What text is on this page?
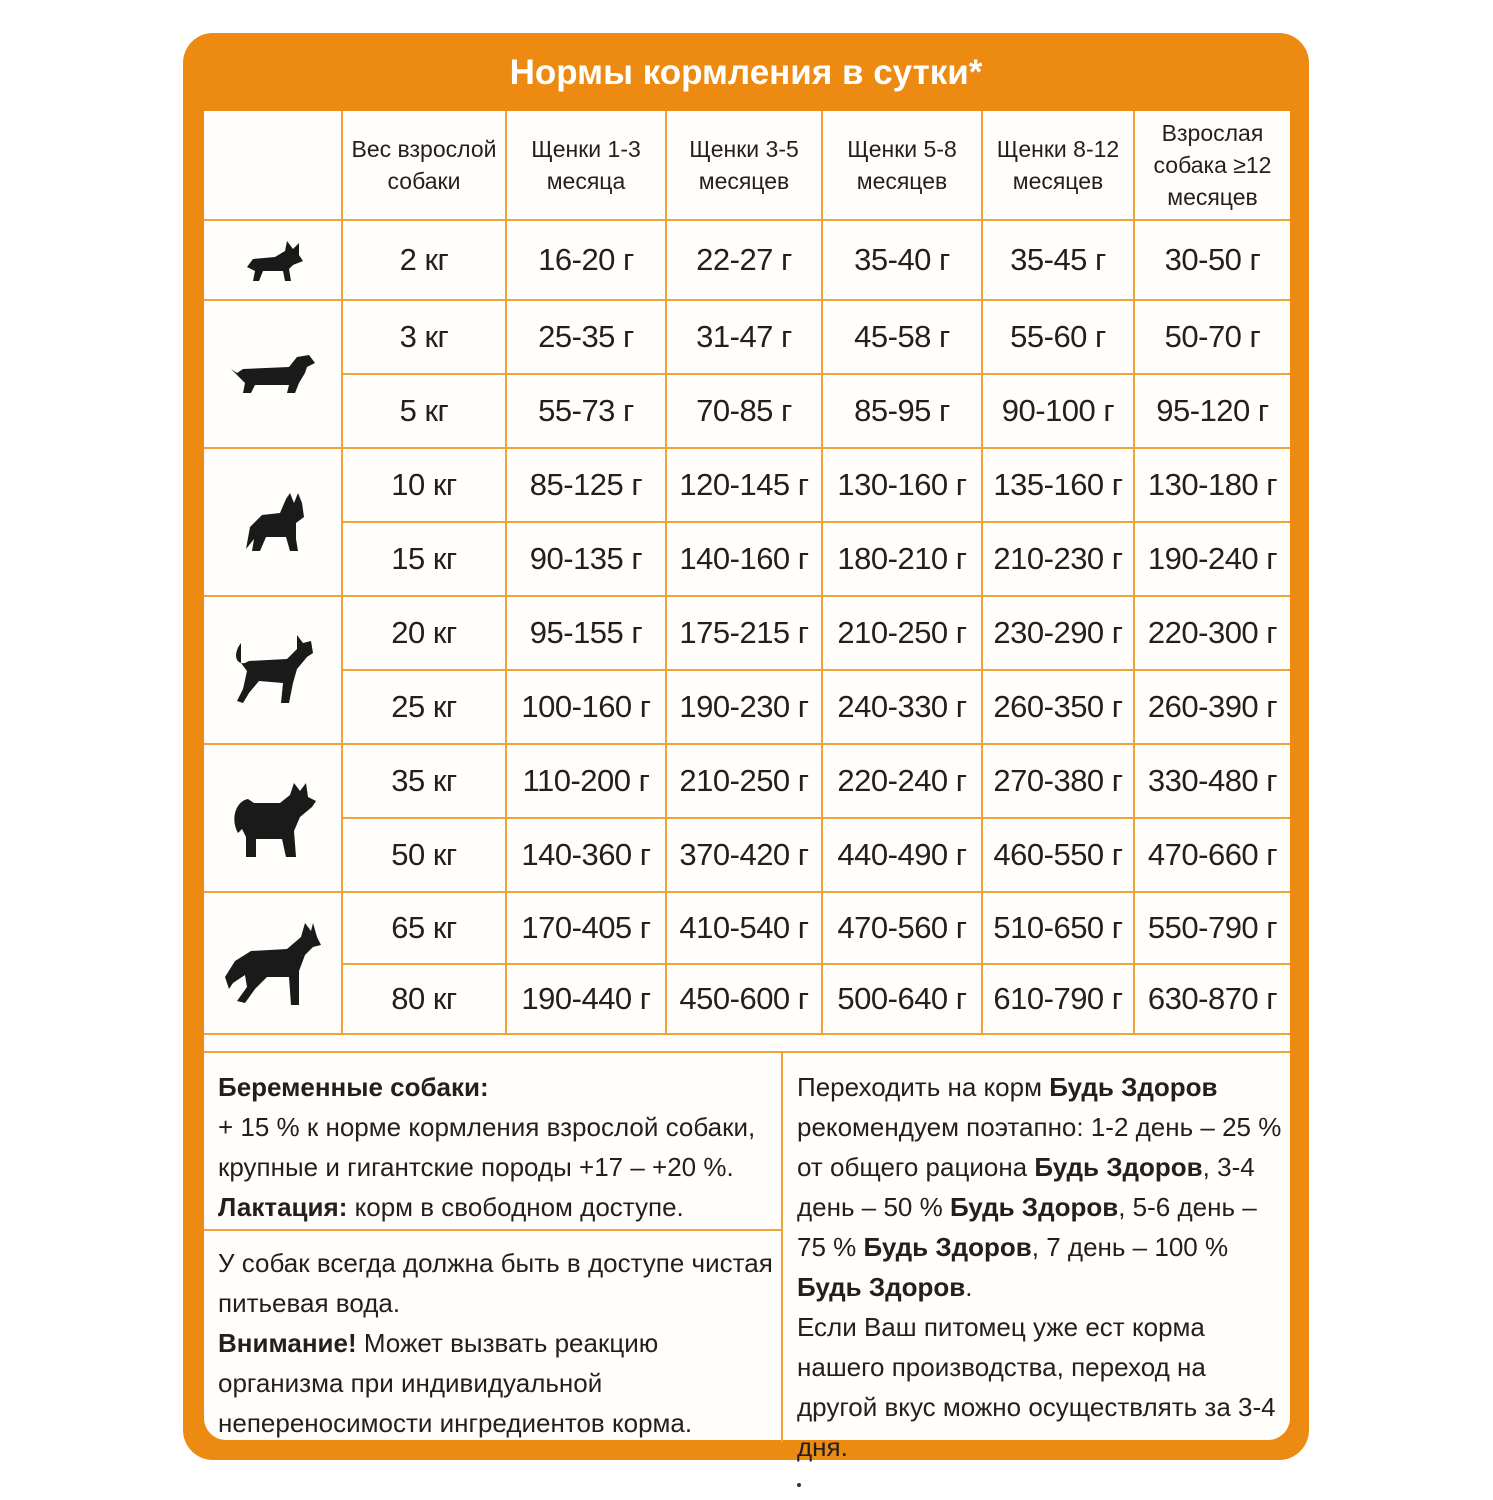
Нормы кормления в сутки*
	Вес взрослой собаки	Щенки 1-3 месяца	Щенки 3-5 месяцев	Щенки 5-8 месяцев	Щенки 8-12 месяцев	Взрослая собака ≥12 месяцев

	2 кг	16-20 г	22-27 г	35-40 г	35-45 г	30-50 г

	3 кг	25-35 г	31-47 г	45-58 г	55-60 г	50-70 г
	5 кг	55-73 г	70-85 г	85-95 г	90-100 г	95-120 г

	10 кг	85-125 г	120-145 г	130-160 г	135-160 г	130-180 г
	15 кг	90-135 г	140-160 г	180-210 г	210-230 г	190-240 г

	20 кг	95-155 г	175-215 г	210-250 г	230-290 г	220-300 г
	25 кг	100-160 г	190-230 г	240-330 г	260-350 г	260-390 г

	35 кг	110-200 г	210-250 г	220-240 г	270-380 г	330-480 г
	50 кг	140-360 г	370-420 г	440-490 г	460-550 г	470-660 г

	65 кг	170-405 г	410-540 г	470-560 г	510-650 г	550-790 г
	80 кг	190-440 г	450-600 г	500-640 г	610-790 г	630-870 г
Беременные собаки:
+ 15 % к норме кормления взрослой собаки,
крупные и гигантские породы +17 – +20 %.
Лактация: корм в свободном доступе.
У собак всегда должна быть в доступе чистая питьевая вода.
Внимание! Может вызвать реакцию организма при индивидуальной непереносимости ингредиентов корма.
Переходить на корм Будь Здоров рекомендуем поэтапно: 1-2 день – 25 % от общего рациона Будь Здоров, 3-4 день – 50 % Будь Здоров, 5-6 день – 75 % Будь Здоров, 7 день – 100 % Будь Здоров.
Если Ваш питомец уже ест корма нашего производства, переход на другой вкус можно осуществлять за 3-4 дня.
